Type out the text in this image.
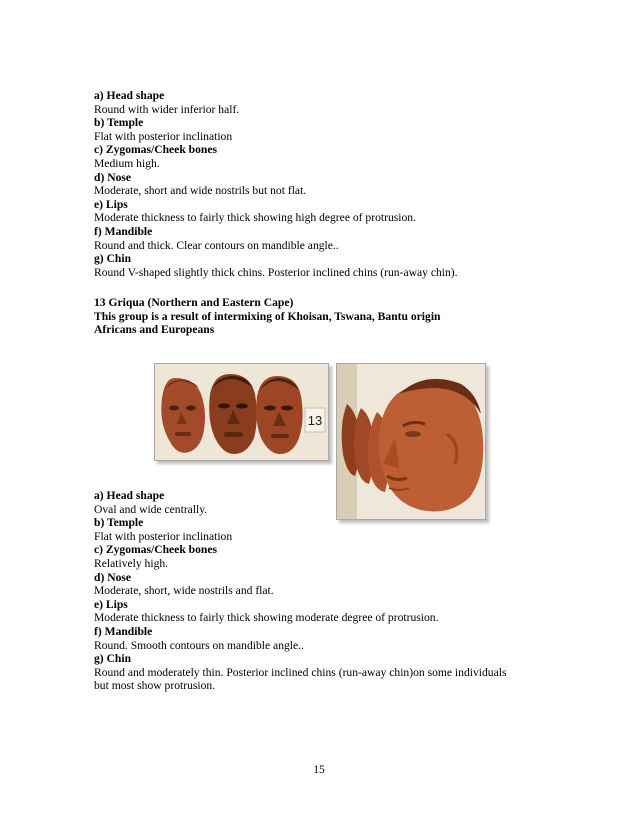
a) Head shape

Round with wider inferior half.

b) Temple

Flat with posterior inclination

c) Zygomas/Cheek bones

Medium high.

d) Nose

Moderate, short and wide nostrils but not flat.

e) Lips

Moderate thickness to fairly thick showing high degree of protrusion.

f) Mandible

Round and thick. Clear contours on mandible angle..

g) Chin

Round V-shaped slightly thick chins. Posterior inclined chins (run-away chin).

13 Griqua (Northern and Eastern Cape)

This group is a result of intermixing of Khoisan, Tswana, Bantu origin

Africans and Europeans

13

a) Head shape

Oval and wide centrally.

b) Temple

Flat with posterior inclination

c) Zygomas/Cheek bones

Relatively high.

d) Nose

Moderate, short, wide nostrils and flat.

e) Lips

Moderate thickness to fairly thick showing moderate degree of protrusion.

f) Mandible

Round. Smooth contours on mandible angle..

g) Chin

Round and moderately thin. Posterior inclined chins (run-away chin)on some individuals

but most show protrusion.

15
